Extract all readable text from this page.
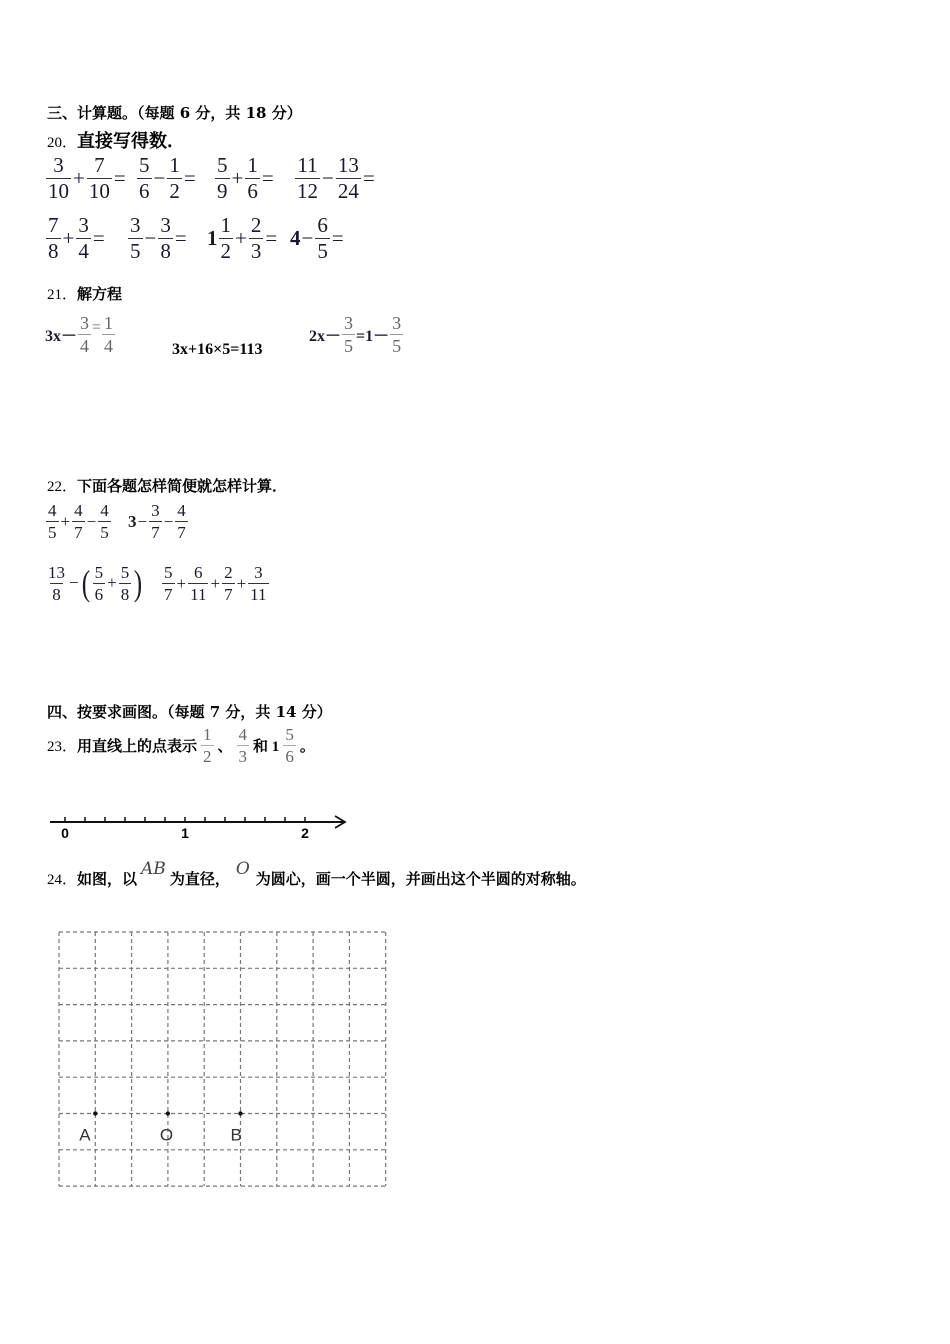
三、计算题。（每题 6 分，共 18 分）
20．直接写得数．
$\frac{3}{10} + \frac{7}{10} = \frac{5}{6} - \frac{1}{2} = \frac{5}{9} + \frac{1}{6} = \frac{11}{12} - \frac{13}{24}$ =
$\frac{7}{8} + \frac{3}{4} = \frac{3}{5} - \frac{3}{8} = 1 \frac{1}{2} + \frac{2}{3} = 4 - \frac{6}{5}$ =
21．解方程
$3x- \frac{3}{4} = \frac{1}{4}$	3x+16×5=113
$2x- \frac{3}{5} =1- \frac{3}{5}$
22．下面各题怎样简便就怎样计算．
$\frac{4}{5} + \frac{4}{7} - \frac{4}{5} 3 - \frac{3}{7} - \frac{4}{7}$
$\frac{13}{8}$ − ( $\frac{5}{6} + \frac{5}{8}$ ) $\frac{5}{7} + \frac{6}{11} + \frac{2}{7} + \frac{3}{11}$
四、按要求画图。（每题 7 分，共 14 分）
23． 用直线上的点表示 $\frac{1}{2}$ 、 $\frac{4}{3}$ 和 $1 \frac{5}{6}$ 。
0	1	2
24．如图，以 AB 为直径， O 为圆心，画一个半圆，并画出这个半圆的对称轴。
A	O	B
